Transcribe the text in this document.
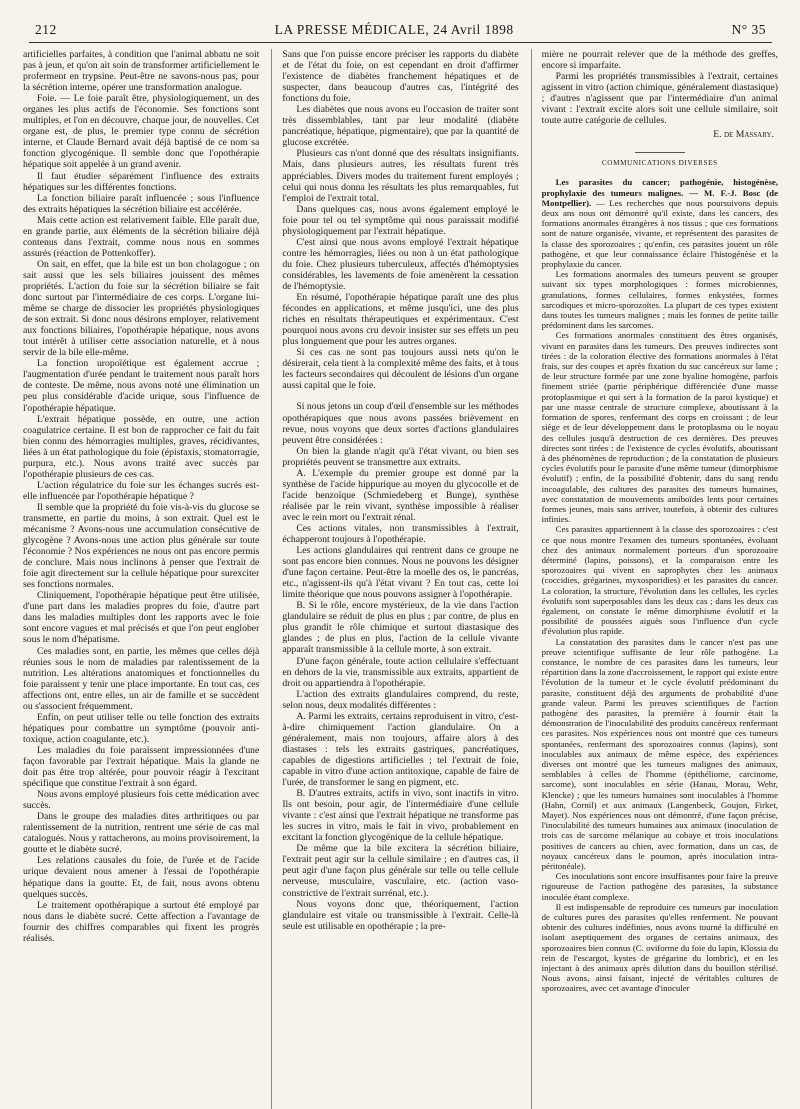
212	LA PRESSE MÉDICALE, 24 Avril 1898	N° 35

artificielles parfaites, à condition que l'animal abbatu ne soit pas à jeun, et qu'on ait soin de transformer artificiellement le proferment en trypsine. Peut-être ne savons-nous pas, pour la sécrétion interne, opérer une transformation analogue.

Foie. — Le foie paraît être, physiologiquement, un des organes les plus actifs de l'économie. Ses fonctions sont multiples, et l'on en découvre, chaque jour, de nouvelles. Cet organe est, de plus, le premier type connu de sécrétion interne, et Claude Bernard avait déjà baptisé de ce nom sa fonction glycogénique. Il semble donc que l'opothérapie hépatique soit appelée à un grand avenir.

Il faut étudier séparément l'influence des extraits hépatiques sur les différentes fonctions.

La fonction biliaire paraît influencée ; sous l'influence des extraits hépatiques la sécrétion biliaire est accélérée.

Mais cette action est relativement faible. Elle paraît due, en grande partie, aux éléments de la sécrétion biliaire déjà contenus dans l'extrait, comme nous nous en sommes assurés (réaction de Pottenkoffer).

On sait, en effet, que la bile est un bon cholagogue ; on sait aussi que les sels biliaires jouissent des mêmes propriétés. L'action du foie sur la sécrétion biliaire se fait donc surtout par l'intermédiaire de ces corps. L'organe lui-même se charge de dissocier les propriétés physiologiques de son extrait. Si donc nous désirons employer, relativement aux fonctions biliaires, l'opothérapie hépatique, nous avons tout intérêt à utiliser cette association naturelle, et à nous servir de la bile elle-même.

La fonction uropoïétique est également accrue ; l'augmentation d'urée pendant le traitement nous paraît hors de conteste. De même, nous avons noté une élimination un peu plus considérable d'acide urique, sous l'influence de l'opothérapie hépatique.

L'extrait hépatique possède, en outre, une action coagulatrice certaine. Il est bon de rapprocher ce fait du fait bien connu des hémorragies multiples, graves, récidivantes, liées à un état pathologique du foie (épistaxis, stomatorragie, purpura, etc.). Nous avons traité avec succès par l'opothérapie plusieurs de ces cas.

L'action régulatrice du foie sur les échanges sucrés est-elle influencée par l'opothérapie hépatique ?

Il semble que la propriété du foie vis-à-vis du glucose se transmette, en partie du moins, à son extrait. Quel est le mécanisme ? Avons-nous une accumulation consécutive de glycogène ? Avons-nous une action plus générale sur toute l'économie ? Nos expériences ne nous ont pas encore permis de conclure. Mais nous inclinons à penser que l'extrait de foie agit directement sur la cellule hépatique pour surexciter ses fonctions normales.

Cliniquement, l'opothérapie hépatique peut être utilisée, d'une part dans les maladies propres du foie, d'autre part dans les maladies multiples dont les rapports avec le foie sont encore vagues et mal précisés et que l'on peut englober sous le nom d'hépatisme.

Ces maladies sont, en partie, les mêmes que celles déjà réunies sous le nom de maladies par ralentissement de la nutrition. Les altérations anatomiques et fonctionnelles du foie paraissent y tenir une place importante. En tout cas, ces affections ont, entre elles, un air de famille et se succèdent ou s'associent fréquemment.

Enfin, on peut utiliser telle ou telle fonction des extraits hépatiques pour combattre un symptôme (pouvoir anti-toxique, action coagulante, etc.).

Les maladies du foie paraissent impressionnées d'une façon favorable par l'extrait hépatique. Mais la glande ne doit pas être trop altérée, pour pouvoir réagir à l'excitant spécifique que constitue l'extrait à son égard.

Nous avons employé plusieurs fois cette médication avec succès.

Dans le groupe des maladies dites arthritiques ou par ralentissement de la nutrition, rentrent une série de cas mal catalogués. Nous y rattacherons, au moins provisoirement, la goutte et le diabète sucré.

Les relations causales du foie, de l'urée et de l'acide urique devaient nous amener à l'essai de l'opothérapie hépatique dans la goutte. Et, de fait, nous avons obtenu quelques succès.

Le traitement opothérapique a surtout été employé par nous dans le diabète sucré. Cette affection a l'avantage de fournir des chiffres comparables qui fixent les progrès réalisés.

Sans que l'on puisse encore préciser les rapports du diabète et de l'état du foie, on est cependant en droit d'affirmer l'existence de diabètes franchement hépatiques et de suspecter, dans beaucoup d'autres cas, l'intégrité des fonctions du foie.

Les diabètes que nous avons eu l'occasion de traiter sont très dissemblables, tant par leur modalité (diabète pancréatique, hépatique, pigmentaire), que par la quantité de glucose excrétée.

Plusieurs cas n'ont donné que des résultats insignifiants. Mais, dans plusieurs autres, les résultats furent très appréciables. Divers modes du traitement furent employés ; celui qui nous donna les résultats les plus remarquables, fut l'emploi de l'extrait total.

Dans quelques cas, nous avons également employé le foie pour tel ou tel symptôme qui nous paraissait modifié physiologiquement par l'extrait hépatique.

C'est ainsi que nous avons employé l'extrait hépatique contre les hémorragies, liées ou non à un état pathologique du foie. Chez plusieurs tuberculeux, affectés d'hémoptysies considérables, les lavements de foie amenèrent la cessation de l'hémoptysie.

En résumé, l'opothérapie hépatique paraît une des plus fécondes en applications, et même jusqu'ici, une des plus riches en résultats thérapeutiques et expérimentaux. C'est pourquoi nous avons cru devoir insister sur ses effets un peu plus longuement que pour les autres organes.

Si ces cas ne sont pas toujours aussi nets qu'on le désirerait, cela tient à la complexité même des faits, et à tous les facteurs secondaires qui découlent de lésions d'un organe aussi capital que le foie.

Si nous jetons un coup d'œil d'ensemble sur les méthodes opothérapiques que nous avons passées brièvement en revue, nous voyons que deux sortes d'actions glandulaires peuvent être considérées :

On bien la glande n'agit qu'à l'état vivant, ou bien ses propriétés peuvent se transmettre aux extraits.

A. L'exemple du premier groupe est donné par la synthèse de l'acide hippurique au moyen du glycocolle et de l'acide benzoïque (Schmiedeberg et Bunge), synthèse réalisée par le rein vivant, synthèse impossible à réaliser avec le rein mort ou l'extrait rénal.

Ces actions vitales, non transmissibles à l'extrait, échapperont toujours à l'opothérapie.

Les actions glandulaires qui rentrent dans ce groupe ne sont pas encore bien connues. Nous ne pouvons les désigner d'une façon certaine. Peut-être la moelle des os, le pancréas, etc., n'agissent-ils qu'à l'état vivant ? En tout cas, cette loi limite théorique que nous pouvons assigner à l'opothérapie.

B. Si le rôle, encore mystérieux, de la vie dans l'action glandulaire se réduit de plus en plus ; par contre, de plus en plus grandit le rôle chimique et surtout diastasique des glandes ; de plus en plus, l'action de la cellule vivante apparaît transmissible à la cellule morte, à son extrait.

D'une façon générale, toute action cellulaire s'effectuant en dehors de la vie, transmissible aux extraits, appartient de droit ou appartiendra à l'opothérapie.

L'action des extraits glandulaires comprend, du reste, selon nous, deux modalités différentes :

A. Parmi les extraits, certains reproduisent in vitro, c'est-à-dire chimiquement l'action glandulaire. On a généralement, mais non toujours, affaire alors à des diastases : tels les extraits gastriques, pancréatiques, capables de digestions artificielles ; tel l'extrait de foie, capable in vitro d'une action antitoxique, capable de faire de l'urée, de transformer le sang en pigment, etc.

B. D'autres extraits, actifs in vivo, sont inactifs in vitro. Ils ont besoin, pour agir, de l'intermédiaire d'une cellule vivante : c'est ainsi que l'extrait hépatique ne transforme pas les sucres in vitro, mais le fait in vivo, probablement en excitant la fonction glycogénique de la cellule hépatique.

De même que la bile excitera la sécrétion biliaire, l'extrait peut agir sur la cellule similaire ; en d'autres cas, il peut agir d'une façon plus générale sur telle ou telle cellule nerveuse, musculaire, vasculaire, etc. (action vaso-constrictive de l'extrait surrénal, etc.).

Nous voyons donc que, théoriquement, l'action glandulaire est vitale ou transmissible à l'extrait. Celle-là seule est utilisable en opothérapie ; la pre-

mière ne pourrait relever que de la méthode des greffes, encore si imparfaite.

Parmi les propriétés transmissibles à l'extrait, certaines agissent in vitro (action chimique, généralement diastasique) ; d'autres n'agissent que par l'intermédiaire d'un animal vivant : l'extrait excite alors soit une cellule similaire, soit toute autre catégorie de cellules.

E. de Massary.
COMMUNICATIONS DIVERSES

Les parasites du cancer; pathogénie, histogénèse, prophylaxie des tumeurs malignes. — M. F.-J. Bosc (de Montpellier). — Les recherches que nous poursuivons depuis deux ans nous ont démontré qu'il existe, dans les cancers, des formations anormales étrangères à nos tissus ; que ces formations sont de nature organisée, vivante, et représentent des parasites de la classe des sporozoaires ; qu'enfin, ces parasites jouent un rôle pathogène, et que leur connaissance éclaire l'histogénèse et la prophylaxie du cancer.

Les formations anormales des tumeurs peuvent se grouper suivant six types morphologiques : formes microbiennes, granulations, formes cellulaires, formes enkystées, formes sarcodiques et micro-sporozoïtes. La plupart de ces types existent dans toutes les tumeurs malignes ; mais les formes de petite taille prédominent dans les sarcomes.

Ces formations anormales constituent des êtres organisés, vivant en parasites dans les tumeurs. Des preuves indirectes sont tirées : de la coloration élective des formations anormales à l'état frais, sur des coupes et après fixation du suc cancéreux sur lame ; de leur structure formée par une zone hyaline homogène, parfois finement striée (partie périphérique différenciée d'une masse protoplasmique et qui sert à la formation de la paroi kystique) et par une masse centrale de structure complexe, aboutissant à la formation de spores, renfermant des corps en croissant ; de leur siège et de leur développement dans le protoplasma ou le noyau des cellules jusqu'à destruction de ces dernières. Des preuves directes sont tirées : de l'existence de cycles évolutifs, aboutissant à des phénomènes de reproduction ; de la constatation de plusieurs cycles évolutifs pour le parasite d'une même tumeur (dimorphisme évolutif) ; enfin, de la possibilité d'obtenir, dans du sang rendu incoagulable, des cultures des parasites des tumeurs humaines, avec constatation de mouvements amiboïdes lents pour certaines formes jeunes, mais sans arriver, toutefois, à obtenir des cultures infinies.

Ces parasites appartiennent à la classe des sporozoaires : c'est ce que nous montre l'examen des tumeurs spontanées, évoluant chez des animaux normalement porteurs d'un sporozoaire déterminé (lapins, poissons), et la comparaison entre les sporozoaires qui vivent en saprophytes chez les animaux (coccidies, grégarines, myxosporidies) et les parasites du cancer. La coloration, la structure, l'évolution dans les cellules, les cycles évolutifs sont superposables dans les deux cas ; dans les deux cas également, on constate le même dimorphisme évolutif et la possibilité de poussées aiguës sous l'influence d'un cycle d'évolution plus rapide.

La constatation des parasites dans le cancer n'est pas une preuve scientifique suffisante de leur rôle pathogène. La constance, le nombre de ces parasites dans les tumeurs, leur répartition dans la zone d'accroissement, le rapport qui existe entre l'évolution de la tumeur et le cycle évolutif prédominant du parasite, constituent déjà des arguments de probabilité d'une grande valeur. Parmi les preuves scientifiques de l'action pathogène des parasites, la première à fournir était la démonstration de l'inoculabilité des produits cancéreux renfermant ces parasites. Nos expériences nous ont montré que ces tumeurs spontanées, renfermant des sporozoaires connus (lapins), sont inoculables aux animaux de même espèce, des expériences diverses ont montré que les tumeurs malignes des animaux, semblables à celles de l'homme (épithéliome, carcinome, sarcome), sont inoculables en série (Hanau, Morau, Wehr, Klencke) ; que les tumeurs humaines sont inoculables à l'homme (Hahn, Cornil) et aux animaux (Langenbeck, Goujon, Firket, Mayet). Nos expériences nous ont démontré, d'une façon précise, l'inoculabilité des tumeurs humaines aux animaux (inoculation de trois cas de sarcome mélanique au cobaye et trois inoculations positives de cancers au chien, avec formation, dans un cas, de noyaux cancéreux dans le poumon, après inoculation intra-péritonéale).

Ces inoculations sont encore insuffisantes pour faire la preuve rigoureuse de l'action pathogène des parasites, la substance inoculée étant complexe.

Il est indispensable de reproduire ces tumeurs par inoculation de cultures pures des parasites qu'elles renferment. Ne pouvant obtenir des cultures indéfinies, nous avons tourné la difficulté en isolant aseptiquement des organes de certains animaux, des sporozoaires bien connus (C. oviforme du foie du lapin, Klossia du rein de l'escargot, kystes de grégarine du lombric), et en les injectant à des animaux après dilution dans du bouillon stérilisé. Nous avons, ainsi faisant, injecté de véritables cultures de sporozoaires, avec cet avantage d'inoculer
